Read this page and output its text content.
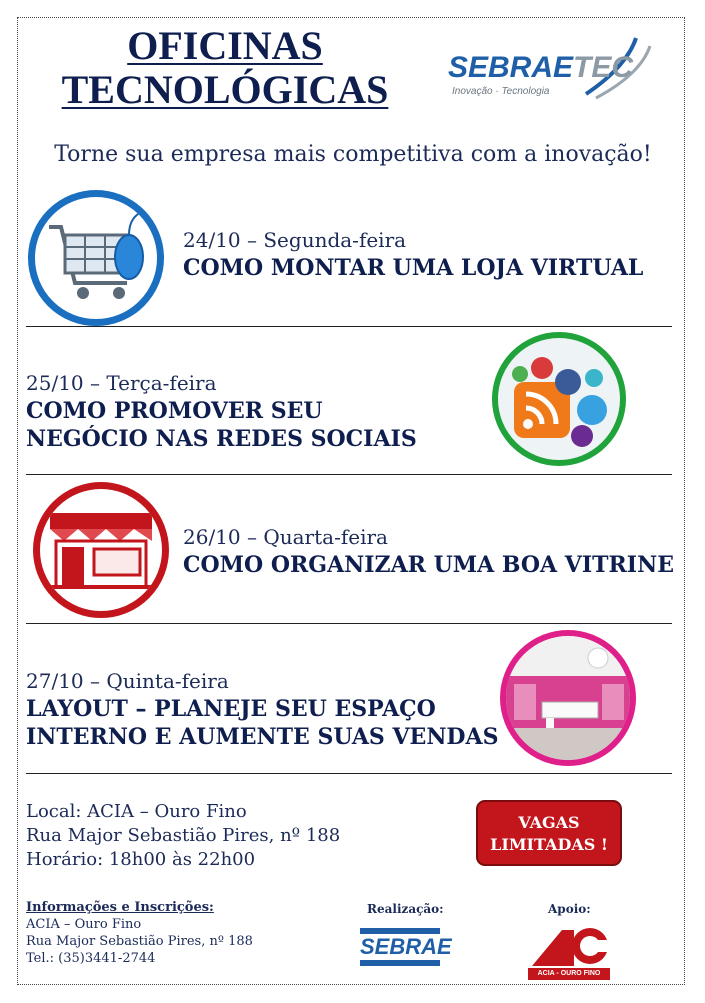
OFICINAS
TECNOLÓGICAS	SEBRAETEC
Inovação · Tecnologia
Torne sua empresa mais competitiva com a inovação!
24/10 – Segunda-feira
COMO MONTAR UMA LOJA VIRTUAL
25/10 – Terça-feira
COMO PROMOVER SEU
NEGÓCIO NAS REDES SOCIAIS
26/10 – Quarta-feira
COMO ORGANIZAR UMA BOA VITRINE
27/10 – Quinta-feira
LAYOUT – PLANEJE SEU ESPAÇO
INTERNO E AUMENTE SUAS VENDAS
Local: ACIA – Ouro Fino
Rua Major Sebastião Pires, nº 188
Horário: 18h00 às 22h00
VAGAS
LIMITADAS !
Informações e Inscrições:
ACIA – Ouro Fino
Rua Major Sebastião Pires, nº 188
Tel.: (35)3441-2744
Realização:
SEBRAE
Apoio:
ACIA - OURO FINO
